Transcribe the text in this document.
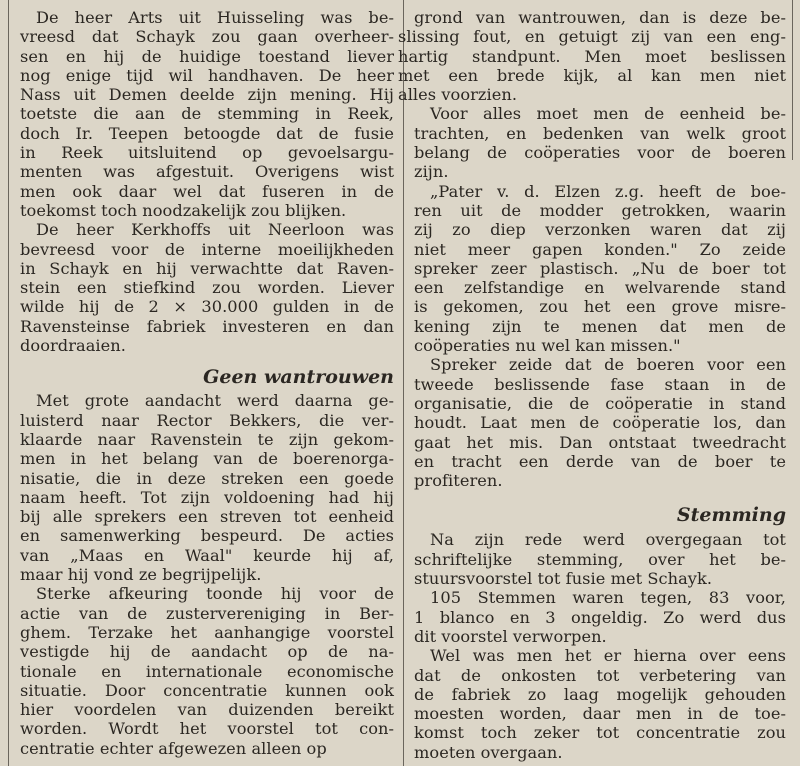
De heer Arts uit Huisseling was be-
vreesd dat Schayk zou gaan overheer-
sen en hij de huidige toestand liever
nog enige tijd wil handhaven. De heer
Nass uit Demen deelde zijn mening. Hij
toetste die aan de stemming in Reek,
doch Ir. Teepen betoogde dat de fusie
in Reek uitsluitend op gevoelsargu-
menten was afgestuit. Overigens wist
men ook daar wel dat fuseren in de
toekomst toch noodzakelijk zou blijken.

De heer Kerkhoffs uit Neerloon was
bevreesd voor de interne moeilijkheden
in Schayk en hij verwachtte dat Raven-
stein een stiefkind zou worden. Liever
wilde hij de 2 × 30.000 gulden in de
Ravensteinse fabriek investeren en dan
doordraaien.

Geen wantrouwen

Met grote aandacht werd daarna ge-
luisterd naar Rector Bekkers, die ver-
klaarde naar Ravenstein te zijn gekom-
men in het belang van de boerenorga-
nisatie, die in deze streken een goede
naam heeft. Tot zijn voldoening had hij
bij alle sprekers een streven tot eenheid
en samenwerking bespeurd. De acties
van „Maas en Waal" keurde hij af,
maar hij vond ze begrijpelijk.

Sterke afkeuring toonde hij voor de
actie van de zustervereniging in Ber-
ghem. Terzake het aanhangige voorstel
vestigde hij de aandacht op de na-
tionale en internationale economische
situatie. Door concentratie kunnen ook
hier voordelen van duizenden bereikt
worden. Wordt het voorstel tot con-
centratie echter afgewezen alleen op

grond van wantrouwen, dan is deze be-
slissing fout, en getuigt zij van een eng-
hartig standpunt. Men moet beslissen
met een brede kijk, al kan men niet
alles voorzien.

Voor alles moet men de eenheid be-
trachten, en bedenken van welk groot
belang de coöperaties voor de boeren
zijn.

„Pater v. d. Elzen z.g. heeft de boe-
ren uit de modder getrokken, waarin
zij zo diep verzonken waren dat zij
niet meer gapen konden." Zo zeide
spreker zeer plastisch. „Nu de boer tot
een zelfstandige en welvarende stand
is gekomen, zou het een grove misre-
kening zijn te menen dat men de
coöperaties nu wel kan missen."

Spreker zeide dat de boeren voor een
tweede beslissende fase staan in de
organisatie, die de coöperatie in stand
houdt. Laat men de coöperatie los, dan
gaat het mis. Dan ontstaat tweedracht
en tracht een derde van de boer te
profiteren.

Stemming

Na zijn rede werd overgegaan tot
schriftelijke stemming, over het be-
stuursvoorstel tot fusie met Schayk.

105 Stemmen waren tegen, 83 voor,
1 blanco en 3 ongeldig. Zo werd dus
dit voorstel verworpen.

Wel was men het er hierna over eens
dat de onkosten tot verbetering van
de fabriek zo laag mogelijk gehouden
moesten worden, daar men in de toe-
komst toch zeker tot concentratie zou
moeten overgaan.
